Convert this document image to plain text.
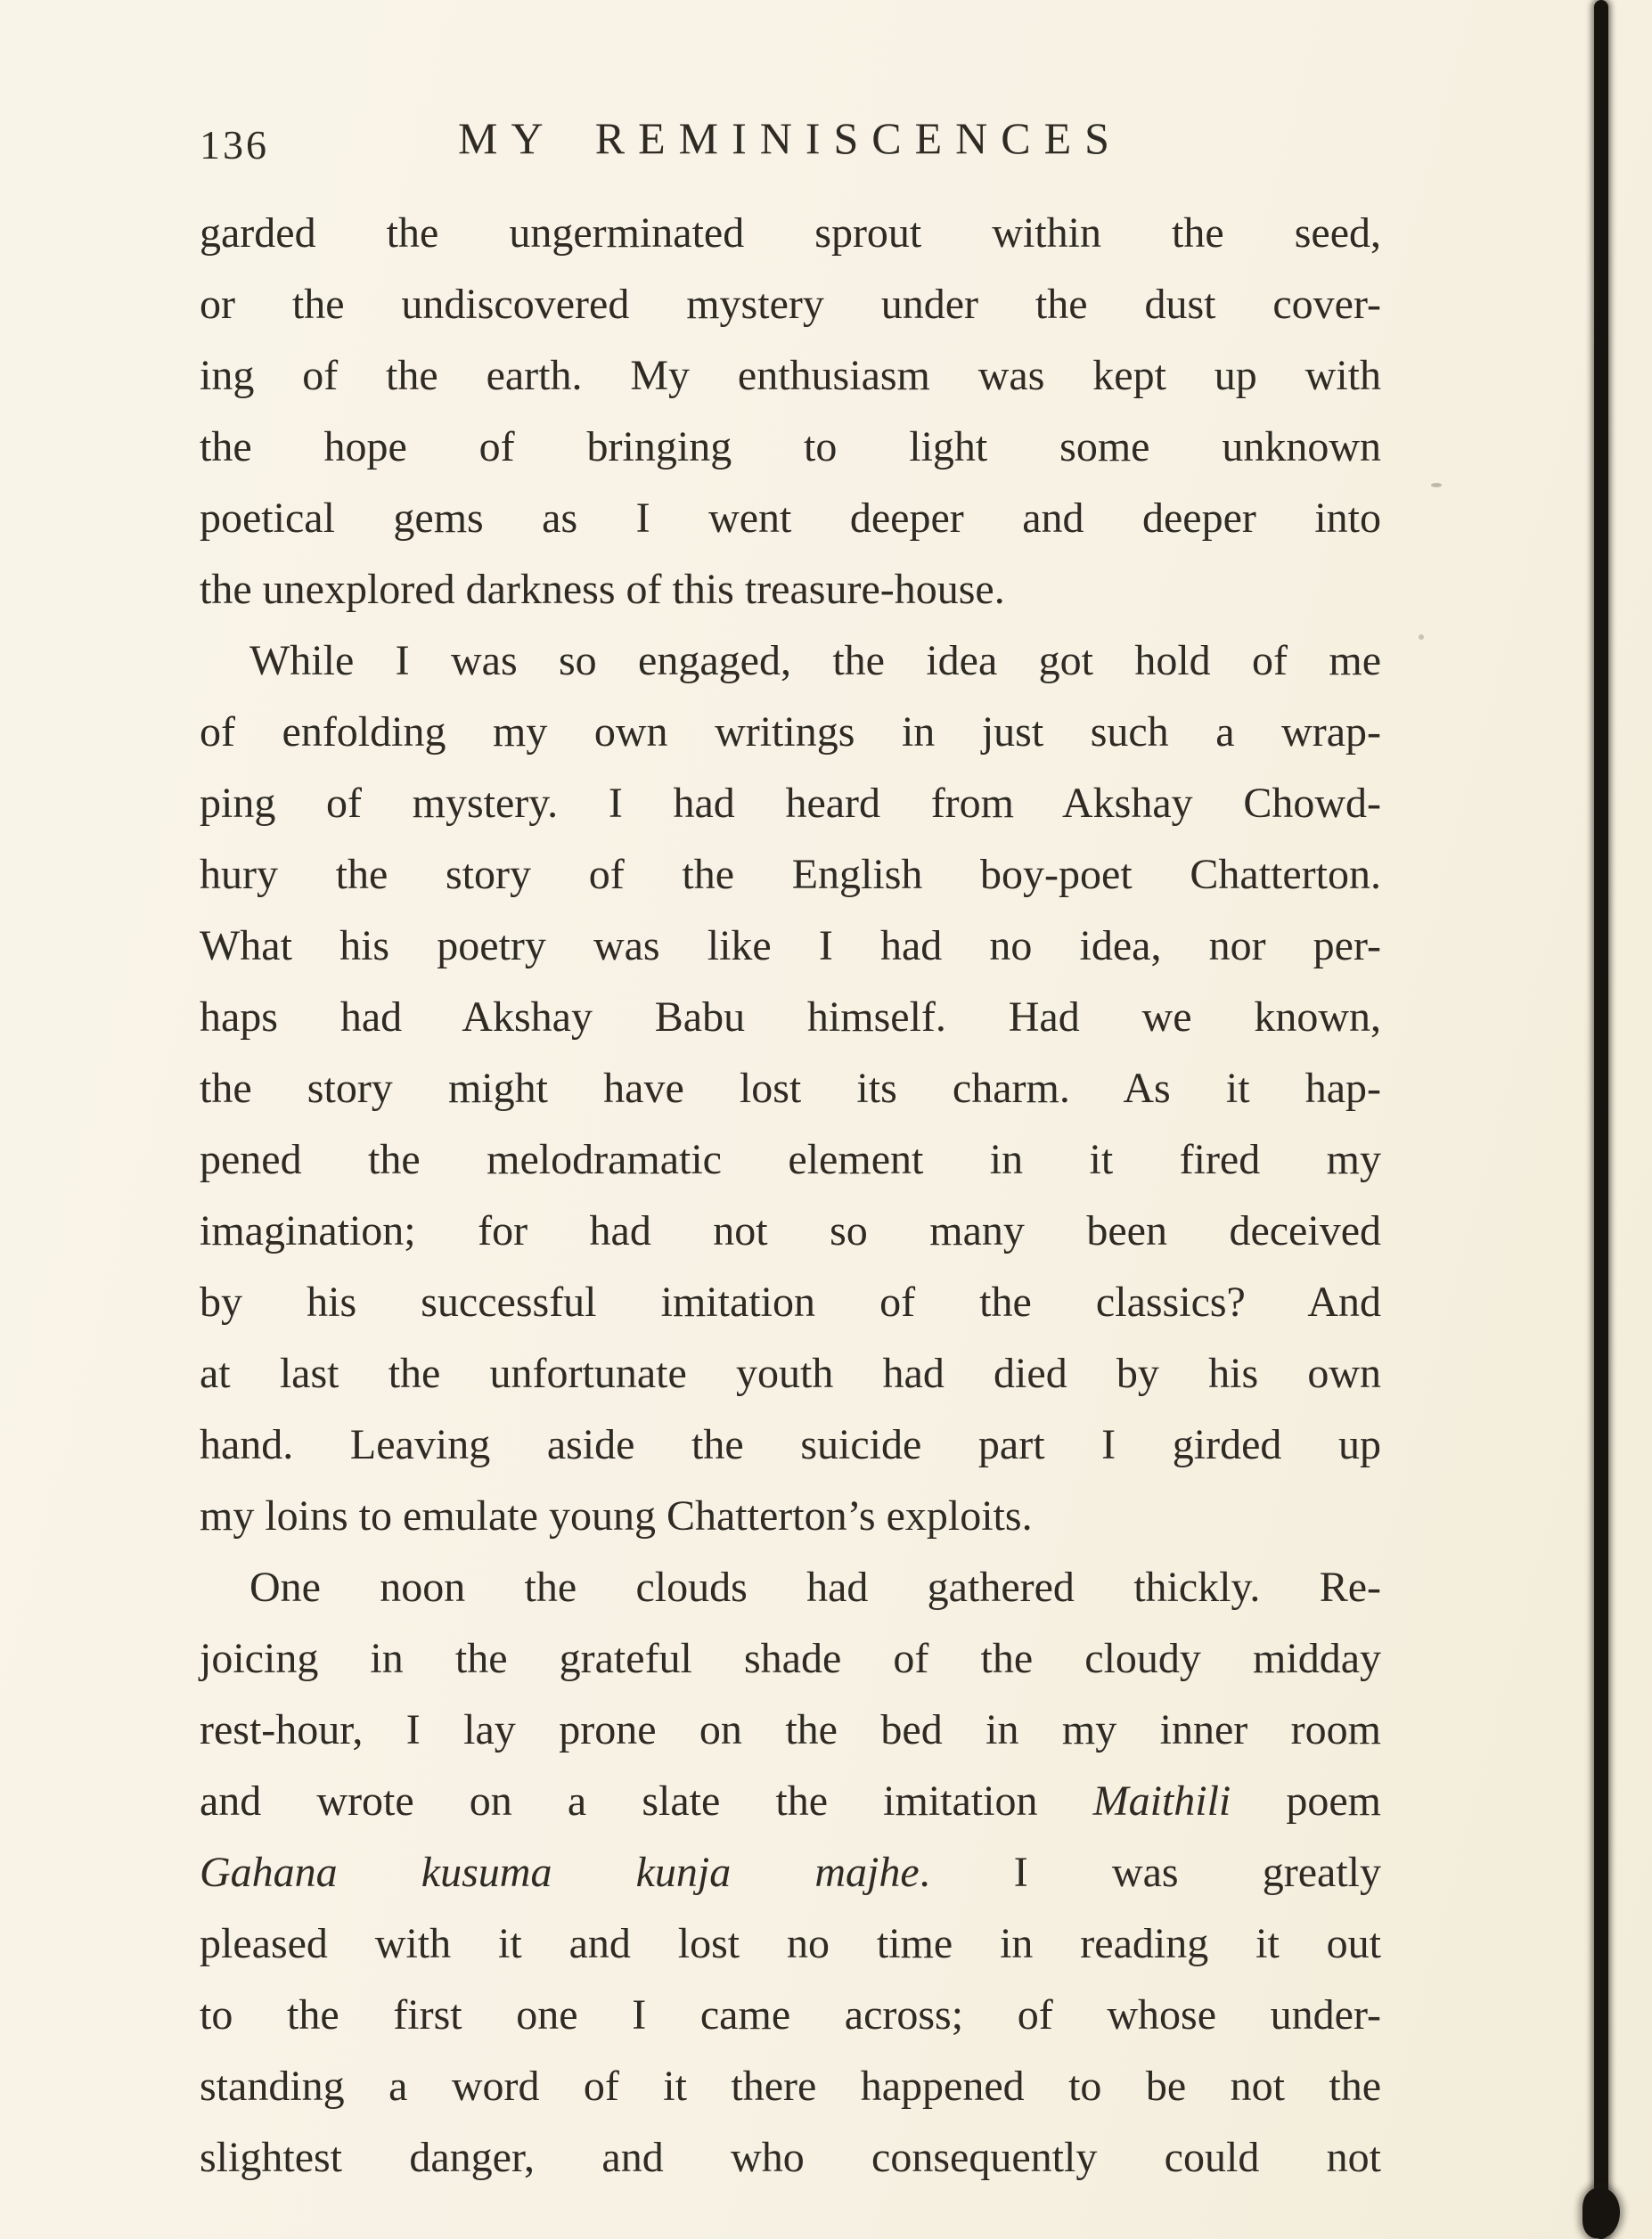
136	MY REMINISCENCES
garded the ungerminated sprout within the seed,
or the undiscovered mystery under the dust cover-
ing of the earth. My enthusiasm was kept up with
the hope of bringing to light some unknown
poetical gems as I went deeper and deeper into
the unexplored darkness of this treasure-house.
While I was so engaged, the idea got hold of me
of enfolding my own writings in just such a wrap-
ping of mystery. I had heard from Akshay Chowd-
hury the story of the English boy-poet Chatterton.
What his poetry was like I had no idea, nor per-
haps had Akshay Babu himself. Had we known,
the story might have lost its charm. As it hap-
pened the melodramatic element in it fired my
imagination; for had not so many been deceived
by his successful imitation of the classics? And
at last the unfortunate youth had died by his own
hand. Leaving aside the suicide part I girded up
my loins to emulate young Chatterton’s exploits.
One noon the clouds had gathered thickly. Re-
joicing in the grateful shade of the cloudy midday
rest-hour, I lay prone on the bed in my inner room
and wrote on a slate the imitation Maithili poem
Gahana kusuma kunja majhe. I was greatly
pleased with it and lost no time in reading it out
to the first one I came across; of whose under-
standing a word of it there happened to be not the
slightest danger, and who consequently could not
